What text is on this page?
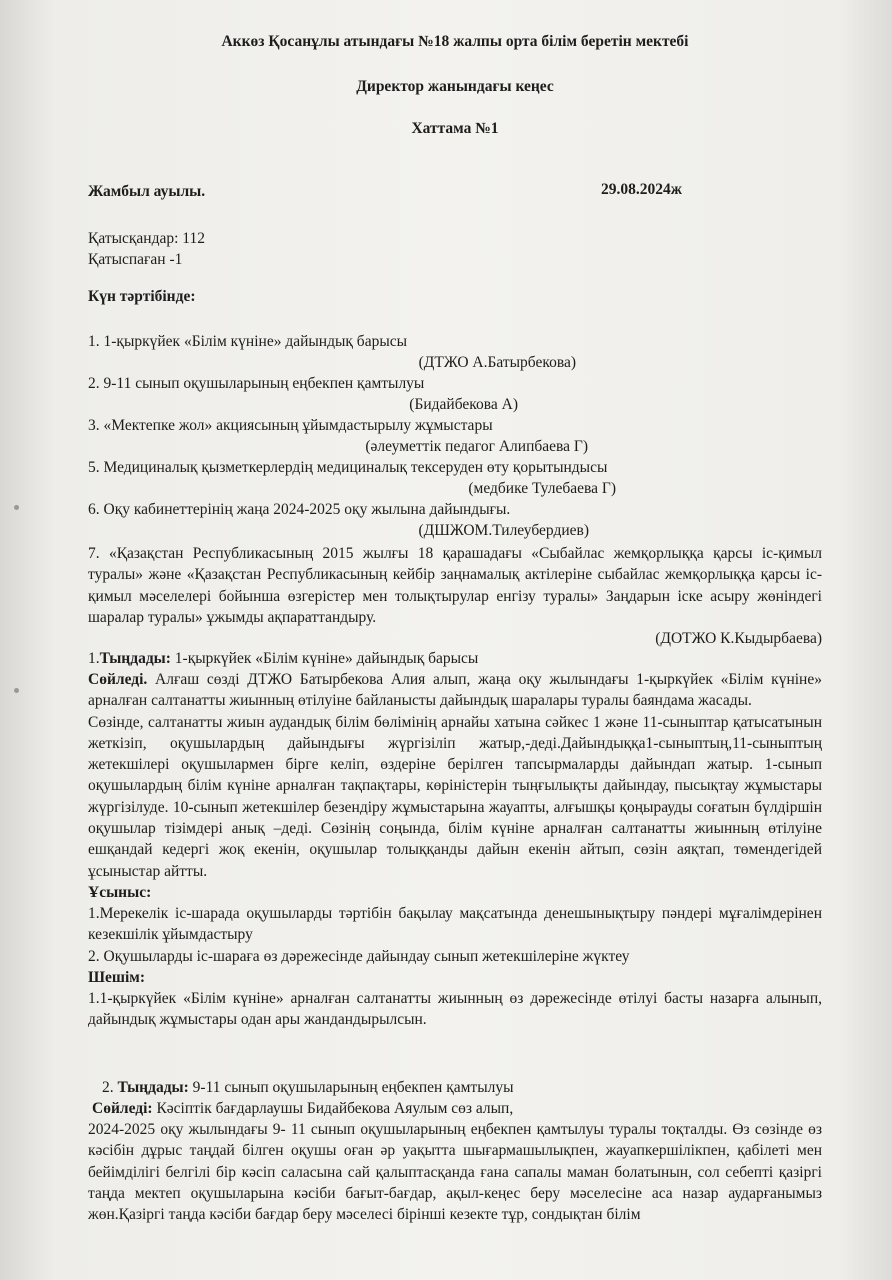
Аккөз Қосанұлы атындағы №18 жалпы орта білім беретін мектебі
Директор жанындағы кеңес
Хаттама №1
Жамбыл ауылы.	29.08.2024ж
Қатысқандар: 112
Қатыспаған -1
Күн тәртібінде:
1. 1-қыркүйек «Білім күніне» дайындық барысы
(ДТЖО А.Батырбекова)
2. 9-11 сынып оқушыларының еңбекпен қамтылуы
(Бидайбекова А)
3. «Мектепке жол» акциясының ұйымдастырылу жұмыстары
(әлеуметтік педагог Алипбаева Г)
5. Медициналық қызметкерлердің медициналық тексеруден өту қорытындысы
(медбике Тулебаева Г)
6. Оқу кабинеттерінің жаңа 2024-2025 оқу жылына дайындығы.
(ДШЖОМ.Тилеубердиев)
7. «Қазақстан Республикасының 2015 жылғы 18 қарашадағы «Сыбайлас жемқорлыққа қарсы іс-қимыл туралы» және «Қазақстан Республикасының кейбір заңнамалық актілеріне сыбайлас жемқорлыққа қарсы іс-қимыл мәселелері бойынша өзгерістер мен толықтырулар енгізу туралы» Заңдарын іске асыру жөніндегі шаралар туралы» ұжымды ақпараттандыру.
(ДОТЖО К.Кыдырбаева)
1.Тыңдады: 1-қыркүйек «Білім күніне» дайындық барысы
Сөйледі. Алғаш сөзді ДТЖО Батырбекова Алия алып, жаңа оқу жылындағы 1-қыркүйек «Білім күніне» арналған салтанатты жиынның өтілуіне байланысты дайындық шаралары туралы баяндама жасады.
Сөзінде, салтанатты жиын аудандық білім бөлімінің арнайы хатына сәйкес 1 және 11-сыныптар қатысатынын жеткізіп, оқушылардың дайындығы жүргізіліп жатыр,-деді.Дайындыққа1-сыныптың,11-сыныптың жетекшілері оқушылармен бірге келіп, өздеріне берілген тапсырмаларды дайындап жатыр. 1-сынып оқушылардың білім күніне арналған тақпақтары, көріністерін тыңғылықты дайындау, пысықтау жұмыстары жүргізілуде. 10-сынып жетекшілер безендіру жұмыстарына жауапты, алғышқы қоңырауды соғатын бүлдіршін оқушылар тізімдері анық –деді. Сөзінің соңында, білім күніне арналған салтанатты жиынның өтілуіне ешқандай кедергі жоқ екенін, оқушылар толыққанды дайын екенін айтып, сөзін аяқтап, төмендегідей ұсыныстар айтты.
Ұсыныс:
1.Мерекелік іс-шарада оқушыларды тәртібін бақылау мақсатында денешынықтыру пәндері мұғалімдерінен кезекшілік ұйымдастыру
2. Оқушыларды іс-шараға өз дәрежесінде дайындау сынып жетекшілеріне жүктеу
Шешім:
1.1-қыркүйек «Білім күніне» арналған салтанатты жиынның өз дәрежесінде өтілуі басты назарға алынып, дайындық жұмыстары одан ары жандандырылсын.
2. Тыңдады: 9-11 сынып оқушыларының еңбекпен қамтылуы
Сөйледі: Кәсіптік бағдарлаушы Бидайбекова Аяулым сөз алып,
2024-2025 оқу жылындағы 9- 11 сынып оқушыларының еңбекпен қамтылуы туралы тоқталды. Өз сөзінде өз кәсібін дұрыс таңдай білген оқушы оған әр уақытта шығармашылықпен, жауапкершілікпен, қабілеті мен бейімділігі белгілі бір кәсіп саласына сай қалыптасқанда ғана сапалы маман болатынын, сол себепті қазіргі таңда мектеп оқушыларына кәсіби бағыт-бағдар, ақыл-кеңес беру мәселесіне аса назар аударғанымыз жөн.Қазіргі таңда кәсіби бағдар беру мәселесі бірінші кезекте тұр, сондықтан білім
